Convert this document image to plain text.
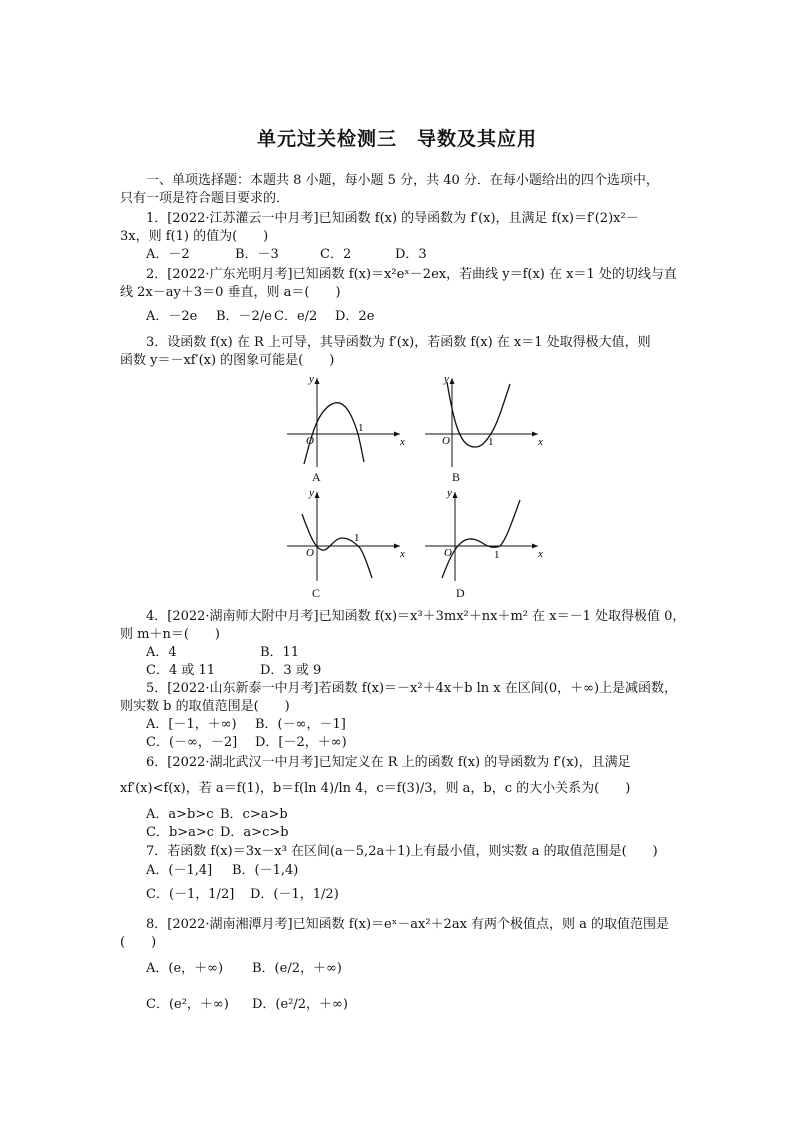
单元过关检测三　导数及其应用
一、单项选择题：本题共 8 小题，每小题 5 分，共 40 分．在每小题给出的四个选项中，
只有一项是符合题目要求的．
1．[2022·江苏灌云一中月考]已知函数 f(x) 的导函数为 f′(x)，且满足 f(x)＝f′(2)x²－
3x，则 f(1) 的值为(　　)
A．－2	B．－3	C．2	D．3
2．[2022·广东光明月考]已知函数 f(x)＝x²eˣ－2ex，若曲线 y＝f(x) 在 x＝1 处的切线与直
线 2x－ay＋3＝0 垂直，则 a＝(　　)
A．－2e B．－2/e C．e/2 D．2e
3．设函数 f(x) 在 R 上可导，其导函数为 f′(x)，若函数 f(x) 在 x＝1 处取得极大值，则
函数 y＝－xf′(x) 的图象可能是(　　)
x
y
O
1
A
x
y
O	1
B
x
y
O
1
C
x
y
O	1
D
4．[2022·湖南师大附中月考]已知函数 f(x)＝x³＋3mx²＋nx＋m² 在 x＝－1 处取得极值 0，
则 m＋n＝(　　)
A．4	B．11
C．4 或 11	D．3 或 9
5．[2022·山东新泰一中月考]若函数 f(x)＝－x²＋4x＋b ln x 在区间(0，＋∞)上是减函数，
则实数 b 的取值范围是(　　)
A．[－1，＋∞) B．(－∞，－1]
C．(－∞，－2] D．[－2，＋∞)
6．[2022·湖北武汉一中月考]已知定义在 R 上的函数 f(x) 的导函数为 f′(x)，且满足
xf′(x)<f(x)，若 a＝f(1)，b＝f(ln 4)/ln 4，c＝f(3)/3，则 a，b，c 的大小关系为(　　)
A．a>b>c B．c>a>b
C．b>a>c D．a>c>b
7．若函数 f(x)＝3x－x³ 在区间(a－5,2a＋1)上有最小值，则实数 a 的取值范围是(　　)
A．(－1,4] B．(－1,4)
C．(－1，1/2] D．(－1，1/2)
8．[2022·湖南湘潭月考]已知函数 f(x)＝eˣ－ax²＋2ax 有两个极值点，则 a 的取值范围是
(　　)
A．(e，＋∞) B．(e/2，＋∞)
C．(e²，＋∞) D．(e²/2，＋∞)
